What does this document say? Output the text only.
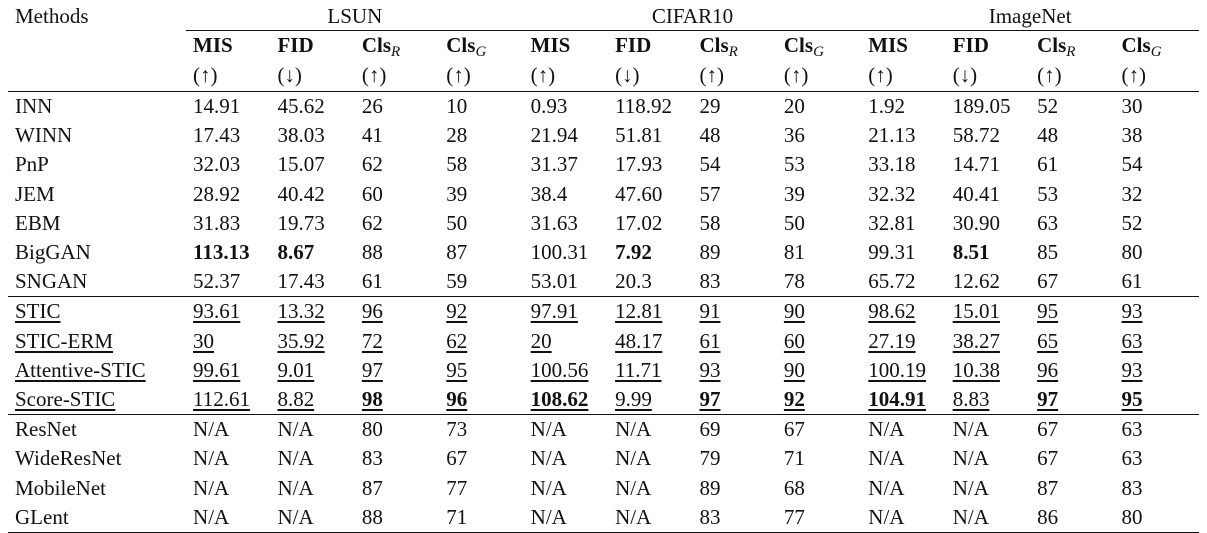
Methods	LSUN				CIFAR10				ImageNet			
	MIS	FID	ClsR	ClsG	MIS	FID	ClsR	ClsG	MIS	FID	ClsR	ClsG
	(↑)	(↓)	(↑)	(↑)	(↑)	(↓)	(↑)	(↑)	(↑)	(↓)	(↑)	(↑)
INN	14.91	45.62	26	10	0.93	118.92	29	20	1.92	189.05	52	30
WINN	17.43	38.03	41	28	21.94	51.81	48	36	21.13	58.72	48	38
PnP	32.03	15.07	62	58	31.37	17.93	54	53	33.18	14.71	61	54
JEM	28.92	40.42	60	39	38.4	47.60	57	39	32.32	40.41	53	32
EBM	31.83	19.73	62	50	31.63	17.02	58	50	32.81	30.90	63	52
BigGAN	113.13	8.67	88	87	100.31	7.92	89	81	99.31	8.51	85	80
SNGAN	52.37	17.43	61	59	53.01	20.3	83	78	65.72	12.62	67	61
STIC	93.61	13.32	96	92	97.91	12.81	91	90	98.62	15.01	95	93
STIC-ERM	30	35.92	72	62	20	48.17	61	60	27.19	38.27	65	63
Attentive-STIC	99.61	9.01	97	95	100.56	11.71	93	90	100.19	10.38	96	93
Score-STIC	112.61	8.82	98	96	108.62	9.99	97	92	104.91	8.83	97	95
ResNet	N/A	N/A	80	73	N/A	N/A	69	67	N/A	N/A	67	63
WideResNet	N/A	N/A	83	67	N/A	N/A	79	71	N/A	N/A	67	63
MobileNet	N/A	N/A	87	77	N/A	N/A	89	68	N/A	N/A	87	83
GLent	N/A	N/A	88	71	N/A	N/A	83	77	N/A	N/A	86	80
